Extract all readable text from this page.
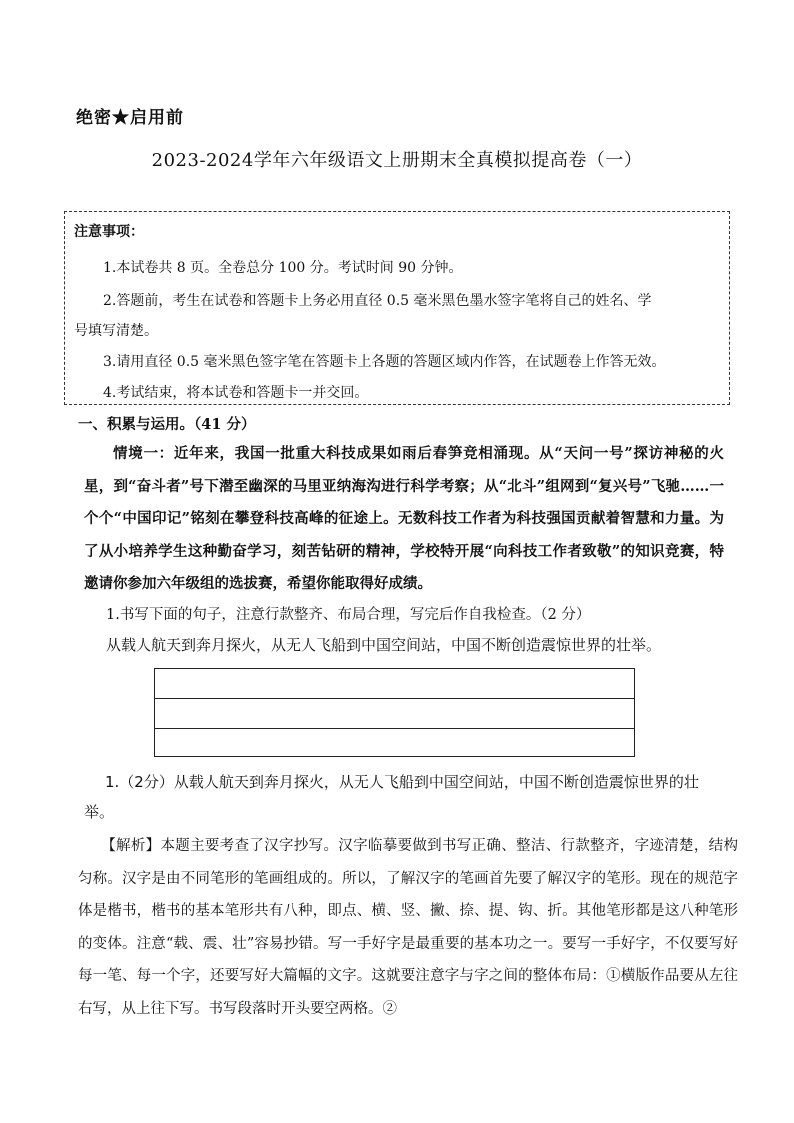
绝密★启用前
2023-2024学年六年级语文上册期末全真模拟提高卷（一）
注意事项：
1.本试卷共 8 页。全卷总分 100 分。考试时间 90 分钟。
2.答题前，考生在试卷和答题卡上务必用直径 0.5 毫米黑色墨水签字笔将自己的姓名、学
号填写清楚。
3.请用直径 0.5 毫米黑色签字笔在答题卡上各题的答题区域内作答，在试题卷上作答无效。
4.考试结束，将本试卷和答题卡一并交回。
一、积累与运用。（41 分）
情境一：近年来，我国一批重大科技成果如雨后春笋竞相涌现。从“天问一号”探访神秘的火星，到“奋斗者”号下潜至幽深的马里亚纳海沟进行科学考察；从“北斗”组网到“复兴号”飞驰……一个个“中国印记”铭刻在攀登科技高峰的征途上。无数科技工作者为科技强国贡献着智慧和力量。为了从小培养学生这种勤奋学习，刻苦钻研的精神，学校特开展“向科技工作者致敬”的知识竞赛，特邀请你参加六年级组的选拔赛，希望你能取得好成绩。
1.书写下面的句子，注意行款整齐、布局合理，写完后作自我检查。（2 分）
从载人航天到奔月探火，从无人飞船到中国空间站，中国不断创造震惊世界的壮举。
1.（2分）从载人航天到奔月探火，从无人飞船到中国空间站，中国不断创造震惊世界的壮举。
【解析】本题主要考查了汉字抄写。汉字临摹要做到书写正确、整洁、行款整齐，字迹清楚，结构匀称。汉字是由不同笔形的笔画组成的。所以，了解汉字的笔画首先要了解汉字的笔形。现在的规范字体是楷书，楷书的基本笔形共有八种，即点、横、竖、撇、捺、提、钩、折。其他笔形都是这八种笔形的变体。注意“载、震、壮”容易抄错。写一手好字是最重要的基本功之一。要写一手好字，不仅要写好每一笔、每一个字，还要写好大篇幅的文字。这就要注意字与字之间的整体布局：①横版作品要从左往右写，从上往下写。书写段落时开头要空两格。②
